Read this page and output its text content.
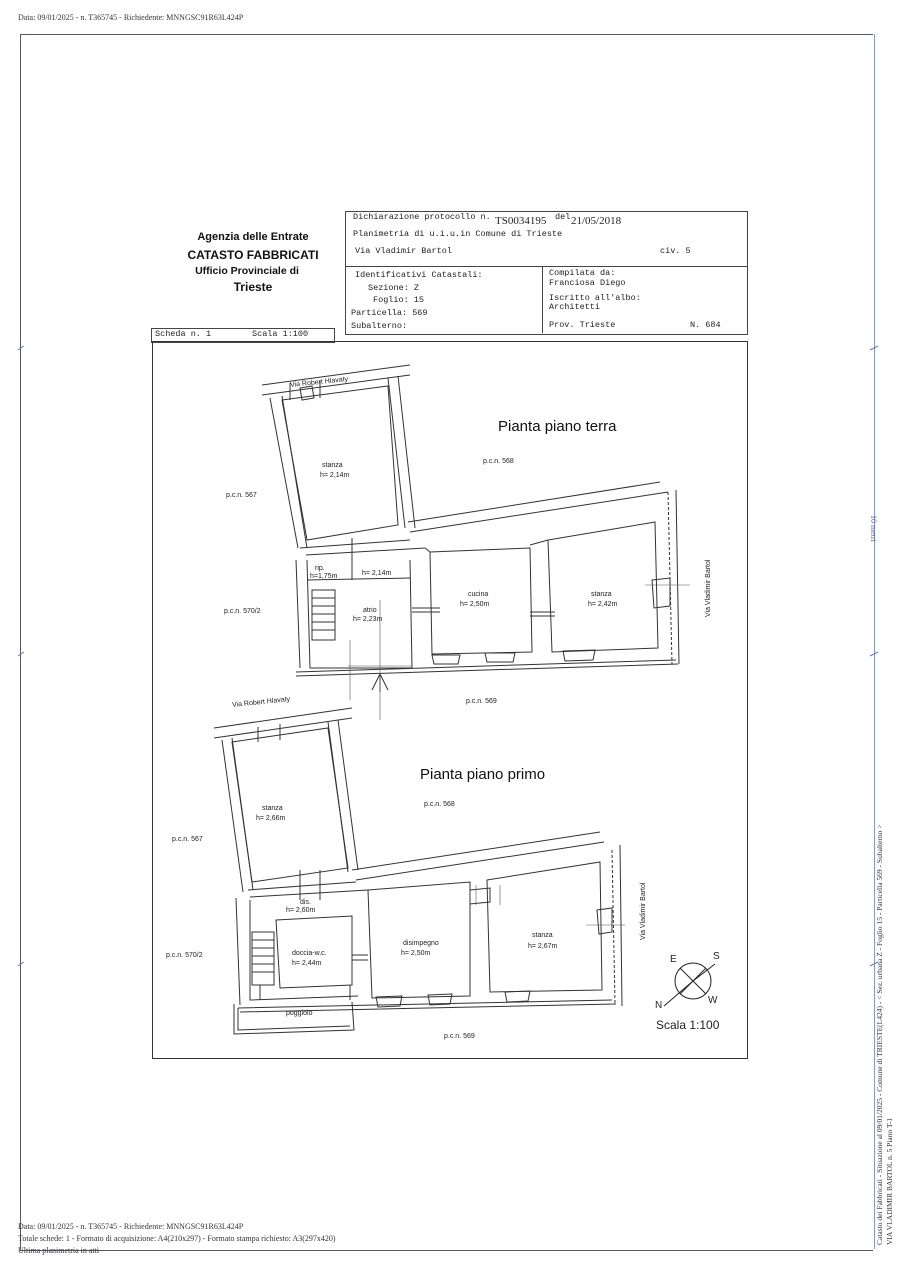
Data: 09/01/2025 - n. T365745 - Richiedente: MNNGSC91R63L424P
Agenzia delle Entrate
CATASTO FABBRICATI
Ufficio Provinciale di
Trieste
Dichiarazione protocollo n. TS0034195 del 21/05/2018
Planimetria di u.i.u.in Comune di Trieste
Via Vladimir Bartol	civ. 5
Identificativi Catastali:
Sezione: Z
Foglio: 15
Particella: 569
Subalterno:
Compilata da:
Franciosa Diego
Iscritto all'albo:
Architetti
Prov. Trieste	N. 684
Scheda n. 1	Scala 1:100
Via Robert Hlavaty
Pianta piano terra
p.c.n. 568
p.c.n. 567
p.c.n. 570/2
p.c.n. 569
Via Vladimir Bartol
stanza
h= 2,14m
rip.
h=1,75m	h= 2,14m
atrio
h= 2,23m
cucina
h= 2,50m
stanza
h= 2,42m
Via Robert Hlavaty
Pianta piano primo
p.c.n. 568
p.c.n. 567
p.c.n. 570/2
p.c.n. 569
Via Vladimir Bartol
stanza
h= 2,66m
dis.
h= 2,60m
doccia-w.c.
h= 2,44m
disimpegno
h= 2,50m
stanza
h= 2,67m
poggiolo
E	S
N	W
Scala 1:100
10 metri
Catasto dei Fabbricati - Situazione al 09/01/2025 - Comune di TRIESTE(L424) - < Sez. urbana Z - Foglio 15 - Particella 569 - Subalterno > VIA VLADIMIR BARTOL n. 5 Piano T-1
Data: 09/01/2025 - n. T365745 - Richiedente: MNNGSC91R63L424P
Totale schede: 1 - Formato di acquisizione: A4(210x297) - Formato stampa richiesto: A3(297x420)
Ultima planimetria in atti
